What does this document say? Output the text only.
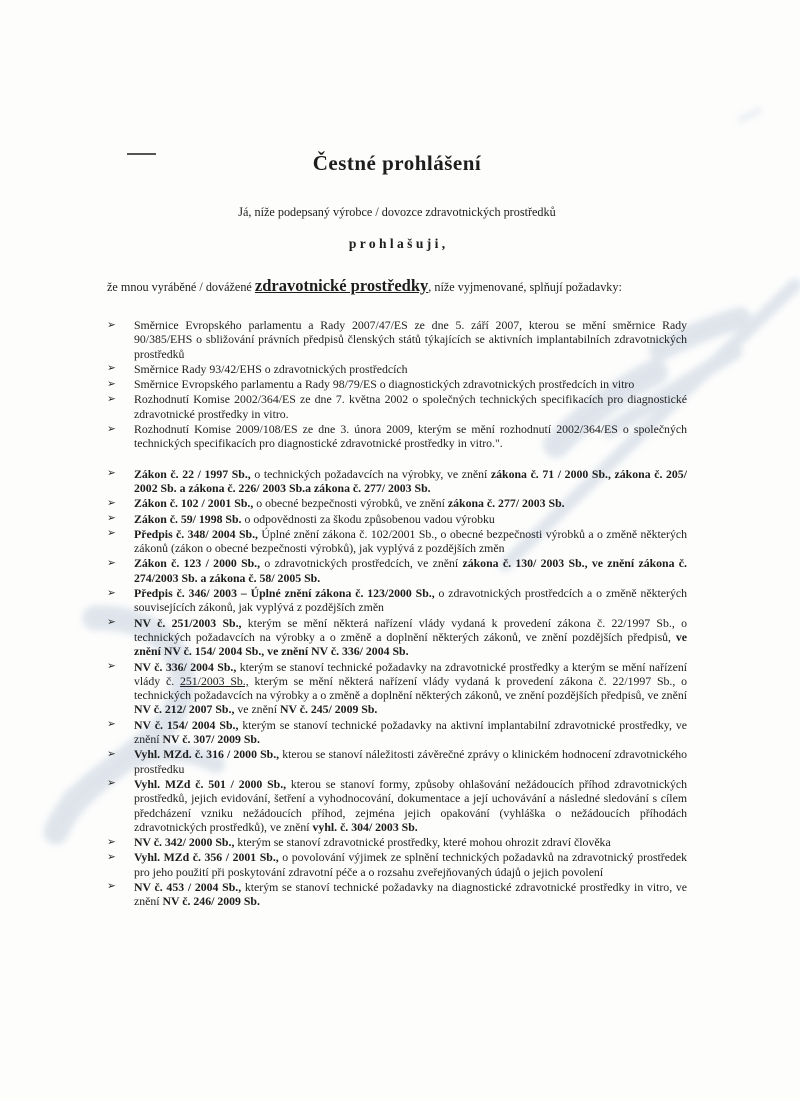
Čestné prohlášení
Já, níže podepsaný výrobce / dovozce zdravotnických prostředků
p r o h l a š u j i ,
že mnou vyráběné / dovážené zdravotnické prostředky, níže vyjmenované, splňují požadavky:
➢ Směrnice Evropského parlamentu a Rady 2007/47/ES ze dne 5. září 2007, kterou se mění směrnice Rady 90/385/EHS o sbližování právních předpisů členských států týkajících se aktivních implantabilních zdravotnických prostředků
➢ Směrnice Rady 93/42/EHS o zdravotnických prostředcích
➢ Směrnice Evropského parlamentu a Rady 98/79/ES o diagnostických zdravotnických prostředcích in vitro
➢ Rozhodnutí Komise 2002/364/ES ze dne 7. května 2002 o společných technických specifikacích pro diagnostické zdravotnické prostředky in vitro.
➢ Rozhodnutí Komise 2009/108/ES ze dne 3. února 2009, kterým se mění rozhodnutí 2002/364/ES o společných technických specifikacích pro diagnostické zdravotnické prostředky in vitro.".
➢ Zákon č. 22 / 1997 Sb., o technických požadavcích na výrobky, ve znění zákona č. 71 / 2000 Sb., zákona č. 205/ 2002 Sb. a zákona č. 226/ 2003 Sb.a zákona č. 277/ 2003 Sb.
➢ Zákon č. 102 / 2001 Sb., o obecné bezpečnosti výrobků, ve znění zákona č. 277/ 2003 Sb.
➢ Zákon č. 59/ 1998 Sb. o odpovědnosti za škodu způsobenou vadou výrobku
➢ Předpis č. 348/ 2004 Sb., Úplné znění zákona č. 102/2001 Sb., o obecné bezpečnosti výrobků a o změně některých zákonů (zákon o obecné bezpečnosti výrobků), jak vyplývá z pozdějších změn
➢ Zákon č. 123 / 2000 Sb., o zdravotnických prostředcích, ve znění zákona č. 130/ 2003 Sb., ve znění zákona č. 274/2003 Sb. a zákona č. 58/ 2005 Sb.
➢ Předpis č. 346/ 2003 – Úplné znění zákona č. 123/2000 Sb., o zdravotnických prostředcích a o změně některých souvisejících zákonů, jak vyplývá z pozdějších změn
➢ NV č. 251/2003 Sb., kterým se mění některá nařízení vlády vydaná k provedení zákona č. 22/1997 Sb., o technických požadavcích na výrobky a o změně a doplnění některých zákonů, ve znění pozdějších předpisů, ve znění NV č. 154/ 2004 Sb., ve znění NV č. 336/ 2004 Sb.
➢ NV č. 336/ 2004 Sb., kterým se stanoví technické požadavky na zdravotnické prostředky a kterým se mění nařízení vlády č. 251/2003 Sb., kterým se mění některá nařízení vlády vydaná k provedení zákona č. 22/1997 Sb., o technických požadavcích na výrobky a o změně a doplnění některých zákonů, ve znění pozdějších předpisů, ve znění NV č. 212/ 2007 Sb., ve znění NV č. 245/ 2009 Sb.
➢ NV č. 154/ 2004 Sb., kterým se stanoví technické požadavky na aktivní implantabilní zdravotnické prostředky, ve znění NV č. 307/ 2009 Sb.
➢ Vyhl. MZd. č. 316 / 2000 Sb., kterou se stanoví náležitosti závěrečné zprávy o klinickém hodnocení zdravotnického prostředku
➢ Vyhl. MZd č. 501 / 2000 Sb., kterou se stanoví formy, způsoby ohlašování nežádoucích příhod zdravotnických prostředků, jejich evidování, šetření a vyhodnocování, dokumentace a její uchovávání a následné sledování s cílem předcházení vzniku nežádoucích příhod, zejména jejich opakování (vyhláška o nežádoucích příhodách zdravotnických prostředků), ve znění vyhl. č. 304/ 2003 Sb.
➢ NV č. 342/ 2000 Sb., kterým se stanoví zdravotnické prostředky, které mohou ohrozit zdraví člověka
➢ Vyhl. MZd č. 356 / 2001 Sb., o povolování výjimek ze splnění technických požadavků na zdravotnický prostředek pro jeho použití při poskytování zdravotní péče a o rozsahu zveřejňovaných údajů o jejich povolení
➢ NV č. 453 / 2004 Sb., kterým se stanoví technické požadavky na diagnostické zdravotnické prostředky in vitro, ve znění NV č. 246/ 2009 Sb.
